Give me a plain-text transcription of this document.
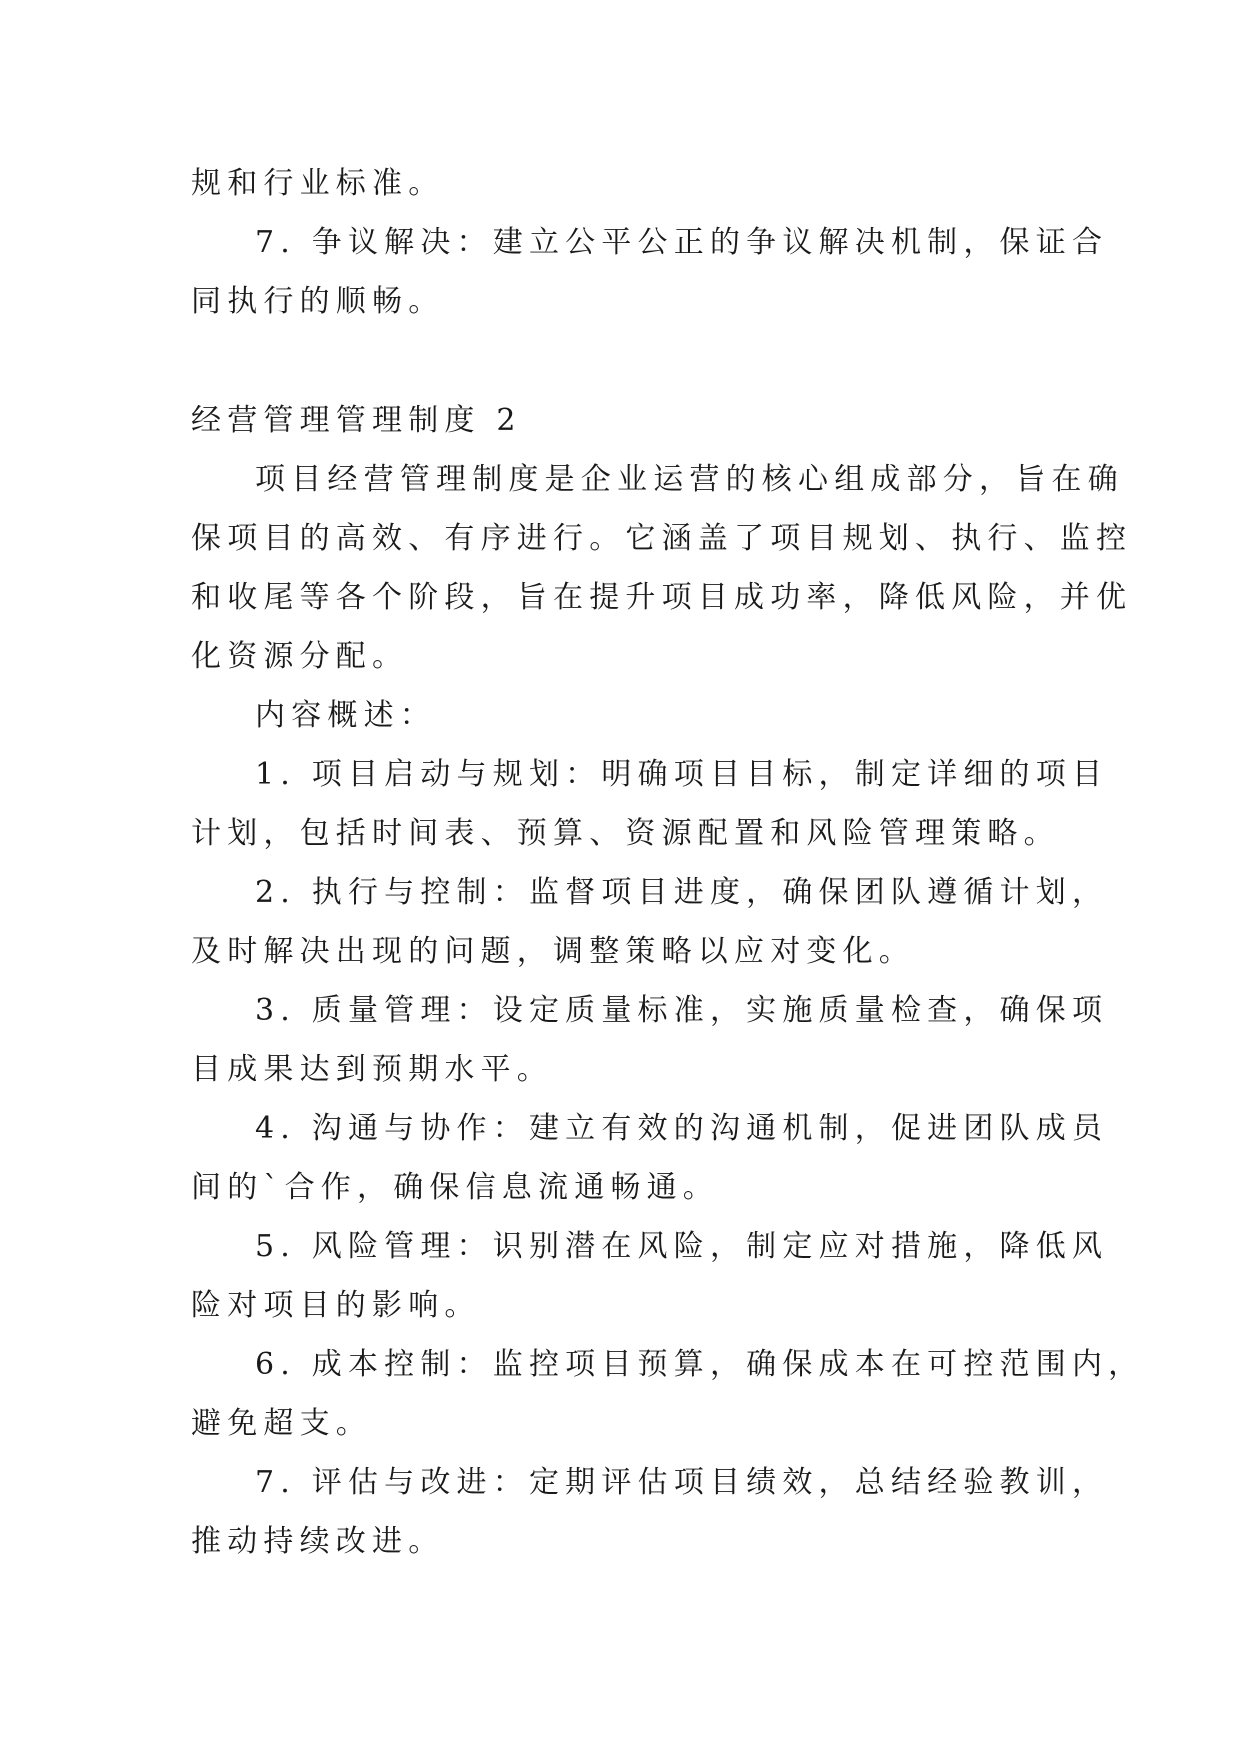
规和行业标准。
7. 争议解决：建立公平公正的争议解决机制，保证合
同执行的顺畅。
经营管理管理制度 2
项目经营管理制度是企业运营的核心组成部分，旨在确
保项目的高效、有序进行。它涵盖了项目规划、执行、监控
和收尾等各个阶段，旨在提升项目成功率，降低风险，并优
化资源分配。
内容概述：
1. 项目启动与规划：明确项目目标，制定详细的项目
计划，包括时间表、预算、资源配置和风险管理策略。
2. 执行与控制：监督项目进度，确保团队遵循计划，
及时解决出现的问题，调整策略以应对变化。
3. 质量管理：设定质量标准，实施质量检查，确保项
目成果达到预期水平。
4. 沟通与协作：建立有效的沟通机制，促进团队成员
间的`合作，确保信息流通畅通。
5. 风险管理：识别潜在风险，制定应对措施，降低风
险对项目的影响。
6. 成本控制：监控项目预算，确保成本在可控范围内，
避免超支。
7. 评估与改进：定期评估项目绩效，总结经验教训，
推动持续改进。
